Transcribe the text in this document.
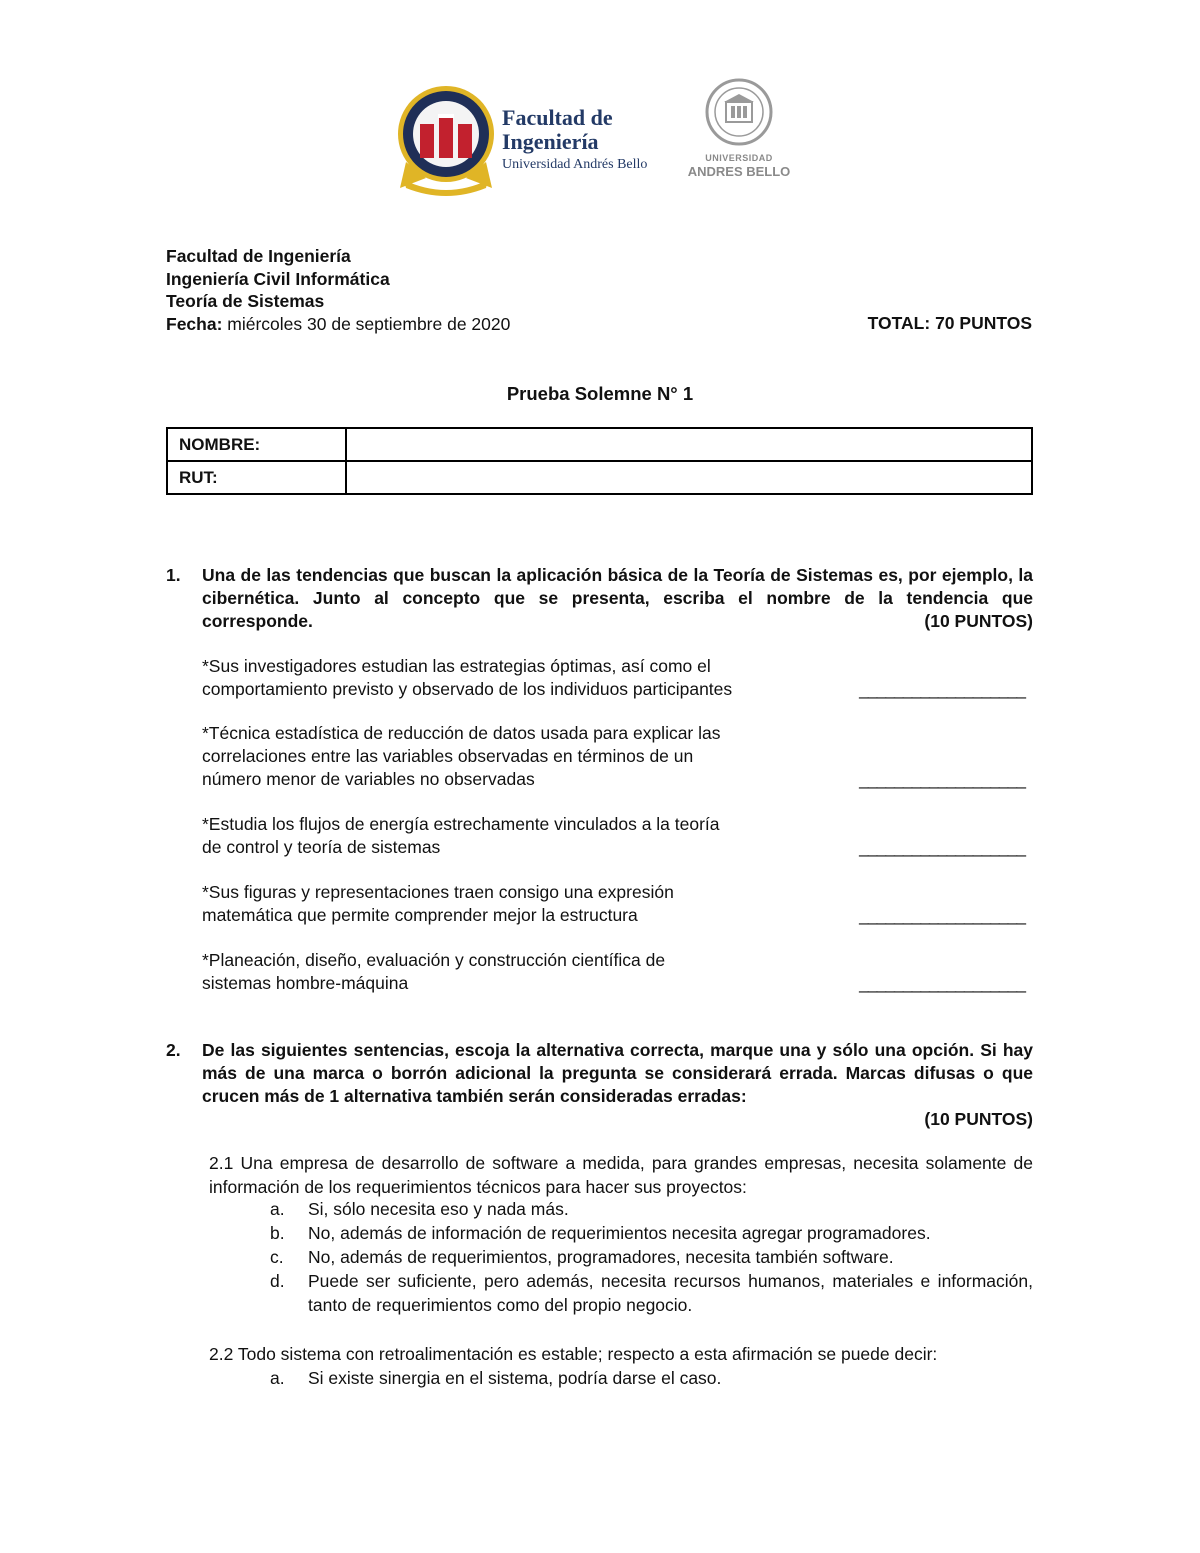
Facultad de
Ingeniería
Universidad Andrés Bello	UNIVERSIDAD
ANDRES BELLO
Facultad de Ingeniería
Ingeniería Civil Informática
Teoría de Sistemas
Fecha: miércoles 30 de septiembre de 2020	TOTAL: 70 PUNTOS
Prueba Solemne N° 1
NOMBRE:	
RUT:	
1. Una de las tendencias que buscan la aplicación básica de la Teoría de Sistemas es, por ejemplo, la cibernética. Junto al concepto que se presenta, escriba el nombre de la tendencia que corresponde.	(10 PUNTOS)
*Sus investigadores estudian las estrategias óptimas, así como el
comportamiento previsto y observado de los individuos participantes	___________________
*Técnica estadística de reducción de datos usada para explicar las
correlaciones entre las variables observadas en términos de un
número menor de variables no observadas	___________________
*Estudia los flujos de energía estrechamente vinculados a la teoría
de control y teoría de sistemas	___________________
*Sus figuras y representaciones traen consigo una expresión
matemática que permite comprender mejor la estructura	___________________
*Planeación, diseño, evaluación y construcción científica de
sistemas hombre-máquina	___________________
2. De las siguientes sentencias, escoja la alternativa correcta, marque una y sólo una opción. Si hay más de una marca o borrón adicional la pregunta se considerará errada. Marcas difusas o que crucen más de 1 alternativa también serán consideradas erradas:
(10 PUNTOS)
2.1 Una empresa de desarrollo de software a medida, para grandes empresas, necesita solamente de información de los requerimientos técnicos para hacer sus proyectos:
a. Si, sólo necesita eso y nada más.
b. No, además de información de requerimientos necesita agregar programadores.
c. No, además de requerimientos, programadores, necesita también software.
d. Puede ser suficiente, pero además, necesita recursos humanos, materiales e información, tanto de requerimientos como del propio negocio.
2.2 Todo sistema con retroalimentación es estable; respecto a esta afirmación se puede decir:
a. Si existe sinergia en el sistema, podría darse el caso.
